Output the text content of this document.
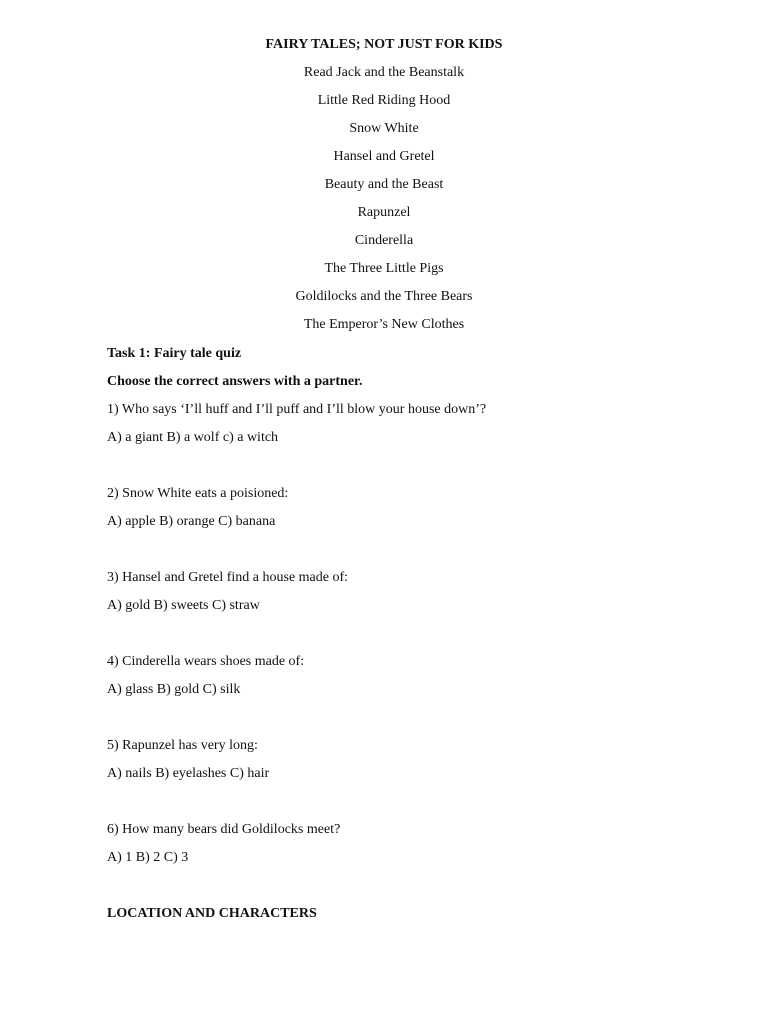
FAIRY TALES; NOT JUST FOR KIDS
Read Jack and the Beanstalk
Little Red Riding Hood
Snow White
Hansel and Gretel
Beauty and the Beast
Rapunzel
Cinderella
The Three Little Pigs
Goldilocks and the Three Bears
The Emperor’s New Clothes
Task 1: Fairy tale quiz
Choose the correct answers with a partner.
1) Who says ‘I’ll huff and I’ll puff and I’ll blow your house down’?
A) a giant B) a wolf c) a witch
2) Snow White eats a poisioned:
A) apple B) orange C) banana
3) Hansel and Gretel find a house made of:
A) gold B) sweets C) straw
4) Cinderella wears shoes made of:
A) glass B) gold C) silk
5) Rapunzel has very long:
A) nails B) eyelashes C) hair
6) How many bears did Goldilocks meet?
A) 1 B) 2 C) 3
LOCATION AND CHARACTERS
